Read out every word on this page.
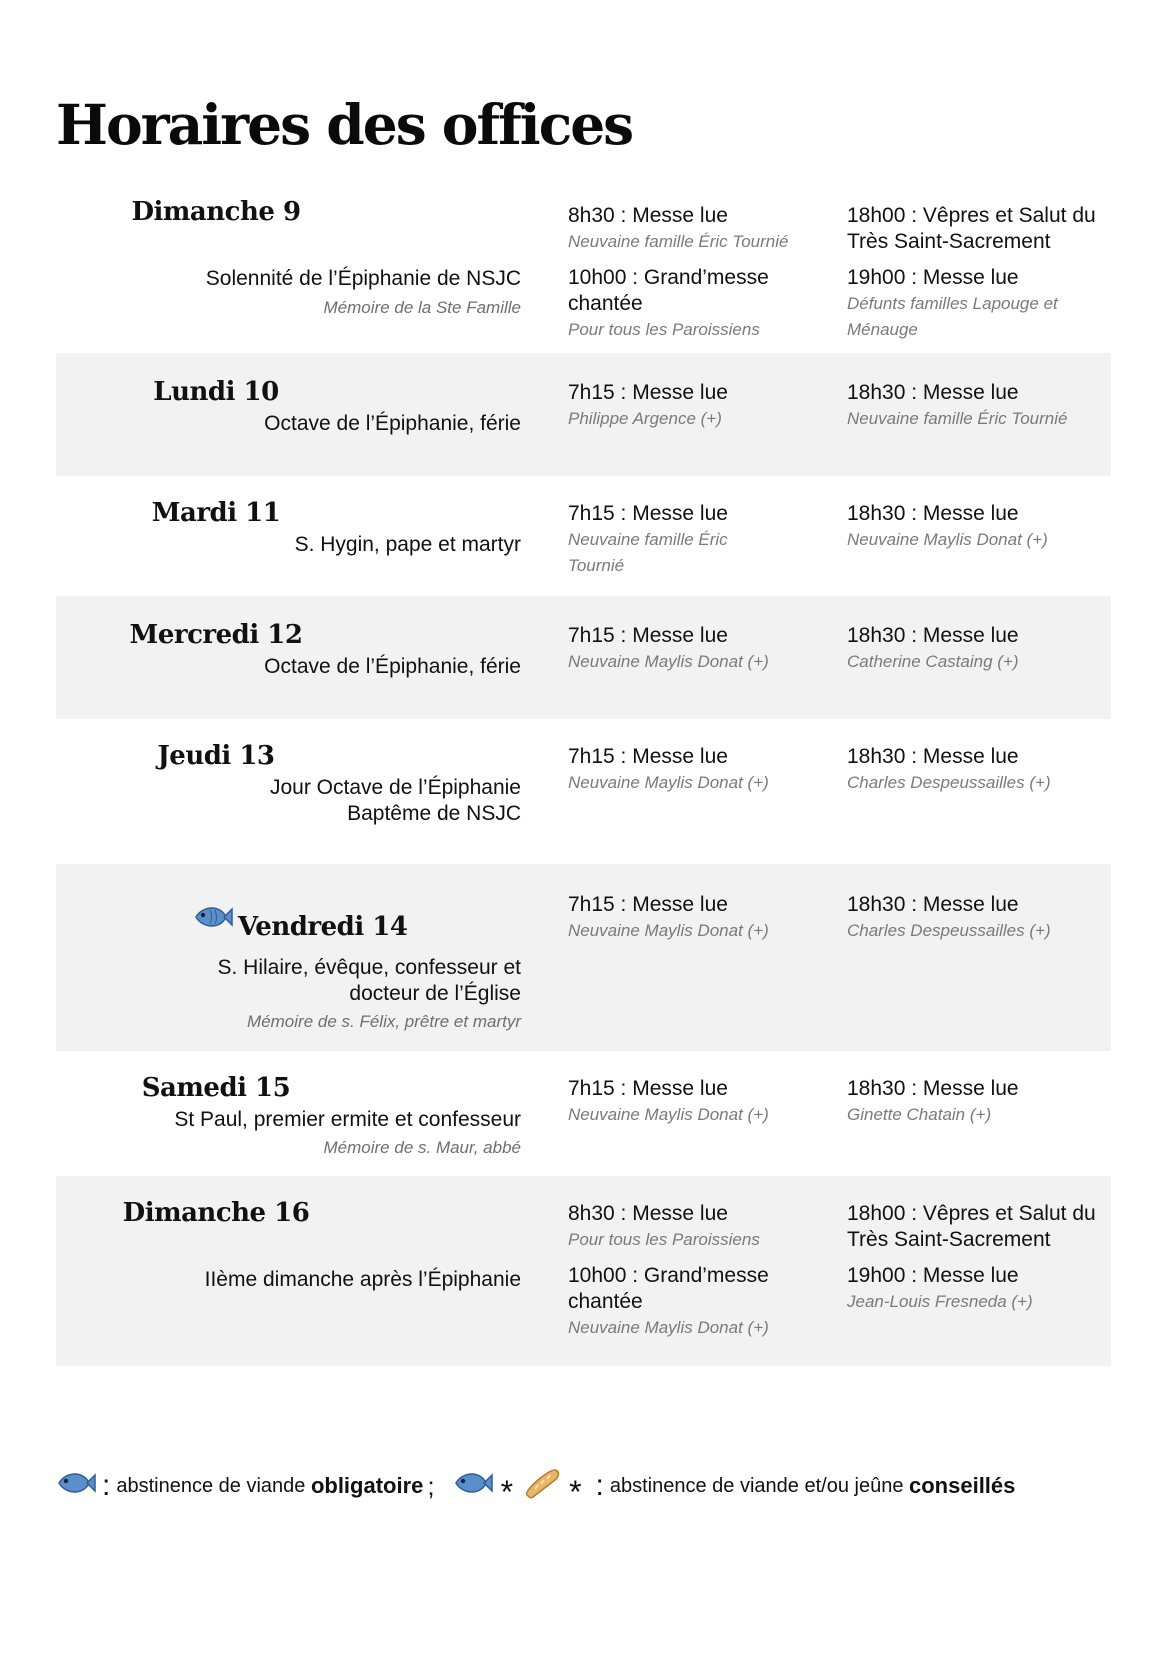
Horaires des offices
Dimanche 9
Solennité de l’Épiphanie de NSJC
Mémoire de la Ste Famille
8h30 : Messe lue
Neuvaine famille Éric Tournié
10h00 : Grand’messe chantée
Pour tous les Paroissiens
18h00 : Vêpres et Salut du Très Saint-Sacrement
19h00 : Messe lue
Défunts familles Lapouge et Ménauge
Lundi 10
Octave de l’Épiphanie, férie
7h15 : Messe lue
Philippe Argence (+)
18h30 : Messe lue
Neuvaine famille Éric Tournié
Mardi 11
S. Hygin, pape et martyr
7h15 : Messe lue
Neuvaine famille Éric Tournié
18h30 : Messe lue
Neuvaine Maylis Donat (+)
Mercredi 12
Octave de l’Épiphanie, férie
7h15 : Messe lue
Neuvaine Maylis Donat (+)
18h30 : Messe lue
Catherine Castaing (+)
Jeudi 13
Jour Octave de l’Épiphanie
Baptême de NSJC
7h15 : Messe lue
Neuvaine Maylis Donat (+)
18h30 : Messe lue
Charles Despeussailles (+)
Vendredi 14
S. Hilaire, évêque, confesseur et
docteur de l’Église
Mémoire de s. Félix, prêtre et martyr
7h15 : Messe lue
Neuvaine Maylis Donat (+)
18h30 : Messe lue
Charles Despeussailles (+)
Samedi 15
St Paul, premier ermite et confesseur
Mémoire de s. Maur, abbé
7h15 : Messe lue
Neuvaine Maylis Donat (+)
18h30 : Messe lue
Ginette Chatain (+)
Dimanche 16
IIème dimanche après l’Épiphanie
8h30 : Messe lue
Pour tous les Paroissiens
10h00 : Grand’messe chantée
Neuvaine Maylis Donat (+)
18h00 : Vêpres et Salut du Très Saint-Sacrement
19h00 : Messe lue
Jean-Louis Fresneda (+)
: abstinence de viande obligatoire ; * * : abstinence de viande et/ou jeûne conseillés
